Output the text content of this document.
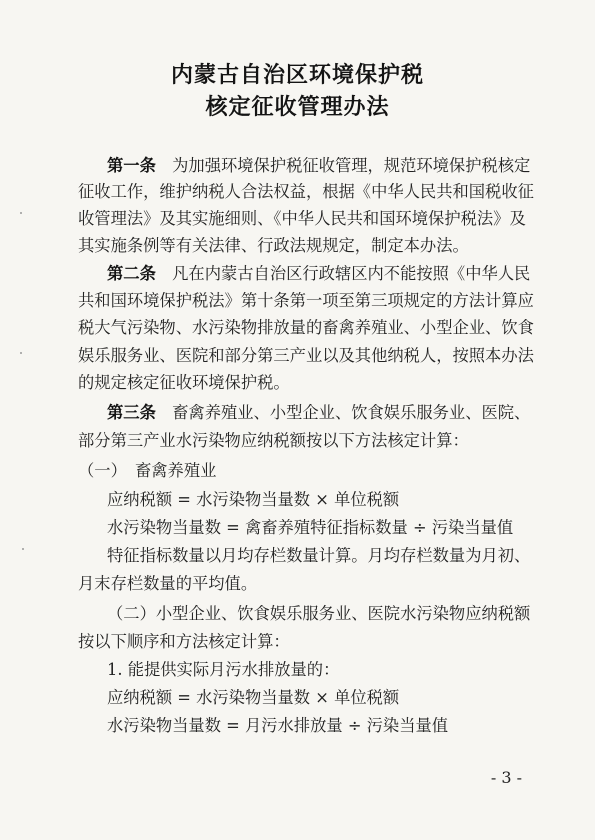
内蒙古自治区环境保护税
核定征收管理办法
第一条　为加强环境保护税征收管理，规范环境保护税核定
征收工作，维护纳税人合法权益，根据《中华人民共和国税收征
收管理法》及其实施细则、《中华人民共和国环境保护税法》及
其实施条例等有关法律、行政法规规定，制定本办法。
第二条　凡在内蒙古自治区行政辖区内不能按照《中华人民
共和国环境保护税法》第十条第一项至第三项规定的方法计算应
税大气污染物、水污染物排放量的畜禽养殖业、小型企业、饮食
娱乐服务业、医院和部分第三产业以及其他纳税人，按照本办法
的规定核定征收环境保护税。
第三条　畜禽养殖业、小型企业、饮食娱乐服务业、医院、
部分第三产业水污染物应纳税额按以下方法核定计算：
（一）　畜禽养殖业
应纳税额 = 水污染物当量数 × 单位税额
水污染物当量数 = 禽畜养殖特征指标数量 ÷ 污染当量值
特征指标数量以月均存栏数量计算。月均存栏数量为月初、
月末存栏数量的平均值。
（二）小型企业、饮食娱乐服务业、医院水污染物应纳税额
按以下顺序和方法核定计算：
1. 能提供实际月污水排放量的：
应纳税额 = 水污染物当量数 × 单位税额
水污染物当量数 = 月污水排放量 ÷ 污染当量值
- 3 -
